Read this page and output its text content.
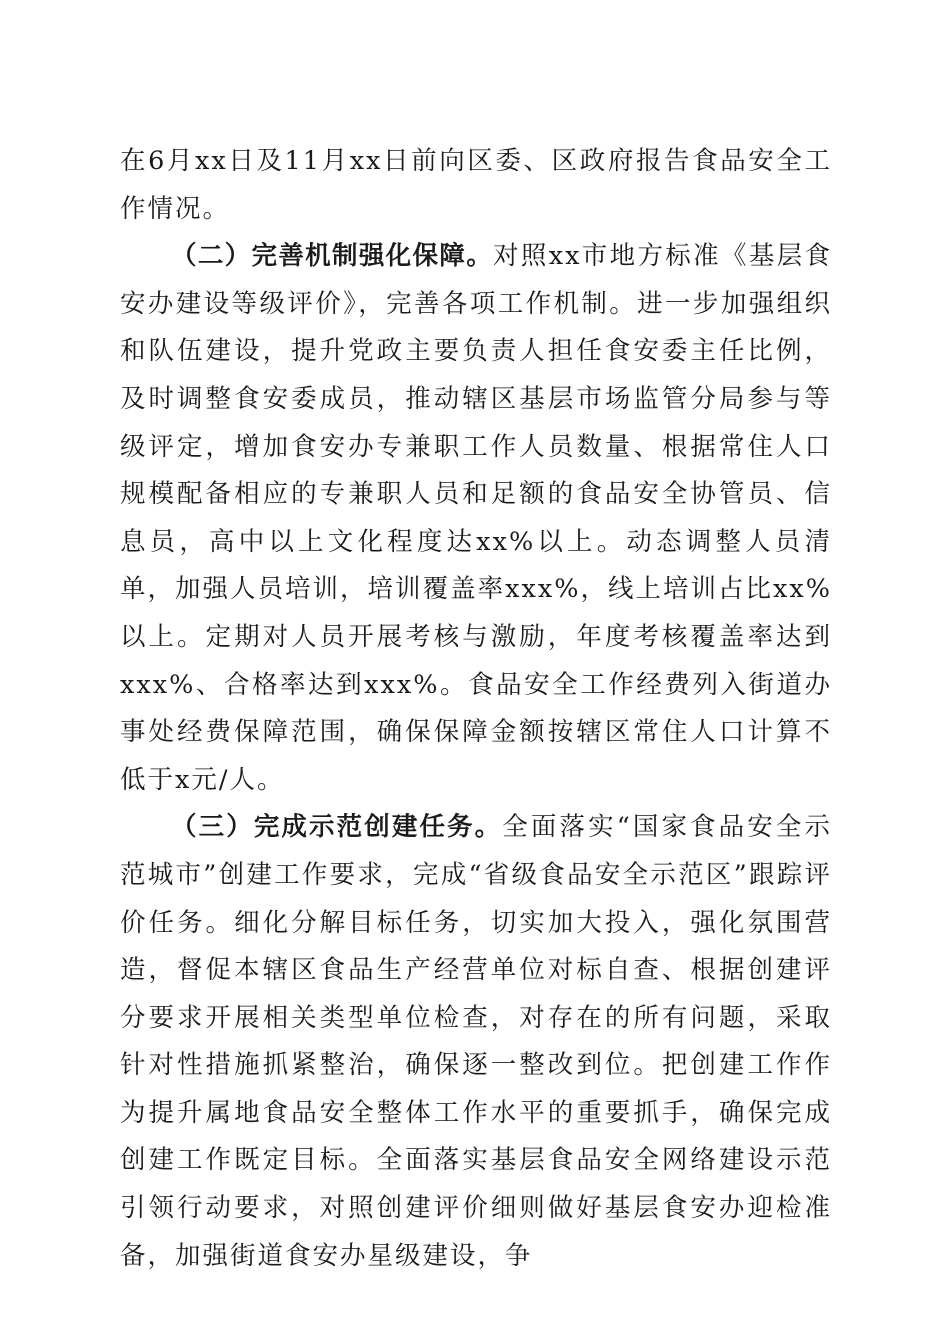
在6月xx日及11月xx日前向区委、区政府报告食品安全工作情况。

（二）完善机制强化保障。对照xx市地方标准《基层食安办建设等级评价》，完善各项工作机制。进一步加强组织和队伍建设，提升党政主要负责人担任食安委主任比例，及时调整食安委成员，推动辖区基层市场监管分局参与等级评定，增加食安办专兼职工作人员数量、根据常住人口规模配备相应的专兼职人员和足额的食品安全协管员、信息员，高中以上文化程度达xx%以上。动态调整人员清单，加强人员培训，培训覆盖率xxx%，线上培训占比xx%以上。定期对人员开展考核与激励，年度考核覆盖率达到xxx%、合格率达到xxx%。食品安全工作经费列入街道办事处经费保障范围，确保保障金额按辖区常住人口计算不低于x元/人。

（三）完成示范创建任务。全面落实“国家食品安全示范城市”创建工作要求，完成“省级食品安全示范区”跟踪评价任务。细化分解目标任务，切实加大投入，强化氛围营造，督促本辖区食品生产经营单位对标自查、根据创建评分要求开展相关类型单位检查，对存在的所有问题，采取针对性措施抓紧整治，确保逐一整改到位。把创建工作作为提升属地食品安全整体工作水平的重要抓手，确保完成创建工作既定目标。全面落实基层食品安全网络建设示范引领行动要求，对照创建评价细则做好基层食安办迎检准备，加强街道食安办星级建设，争
